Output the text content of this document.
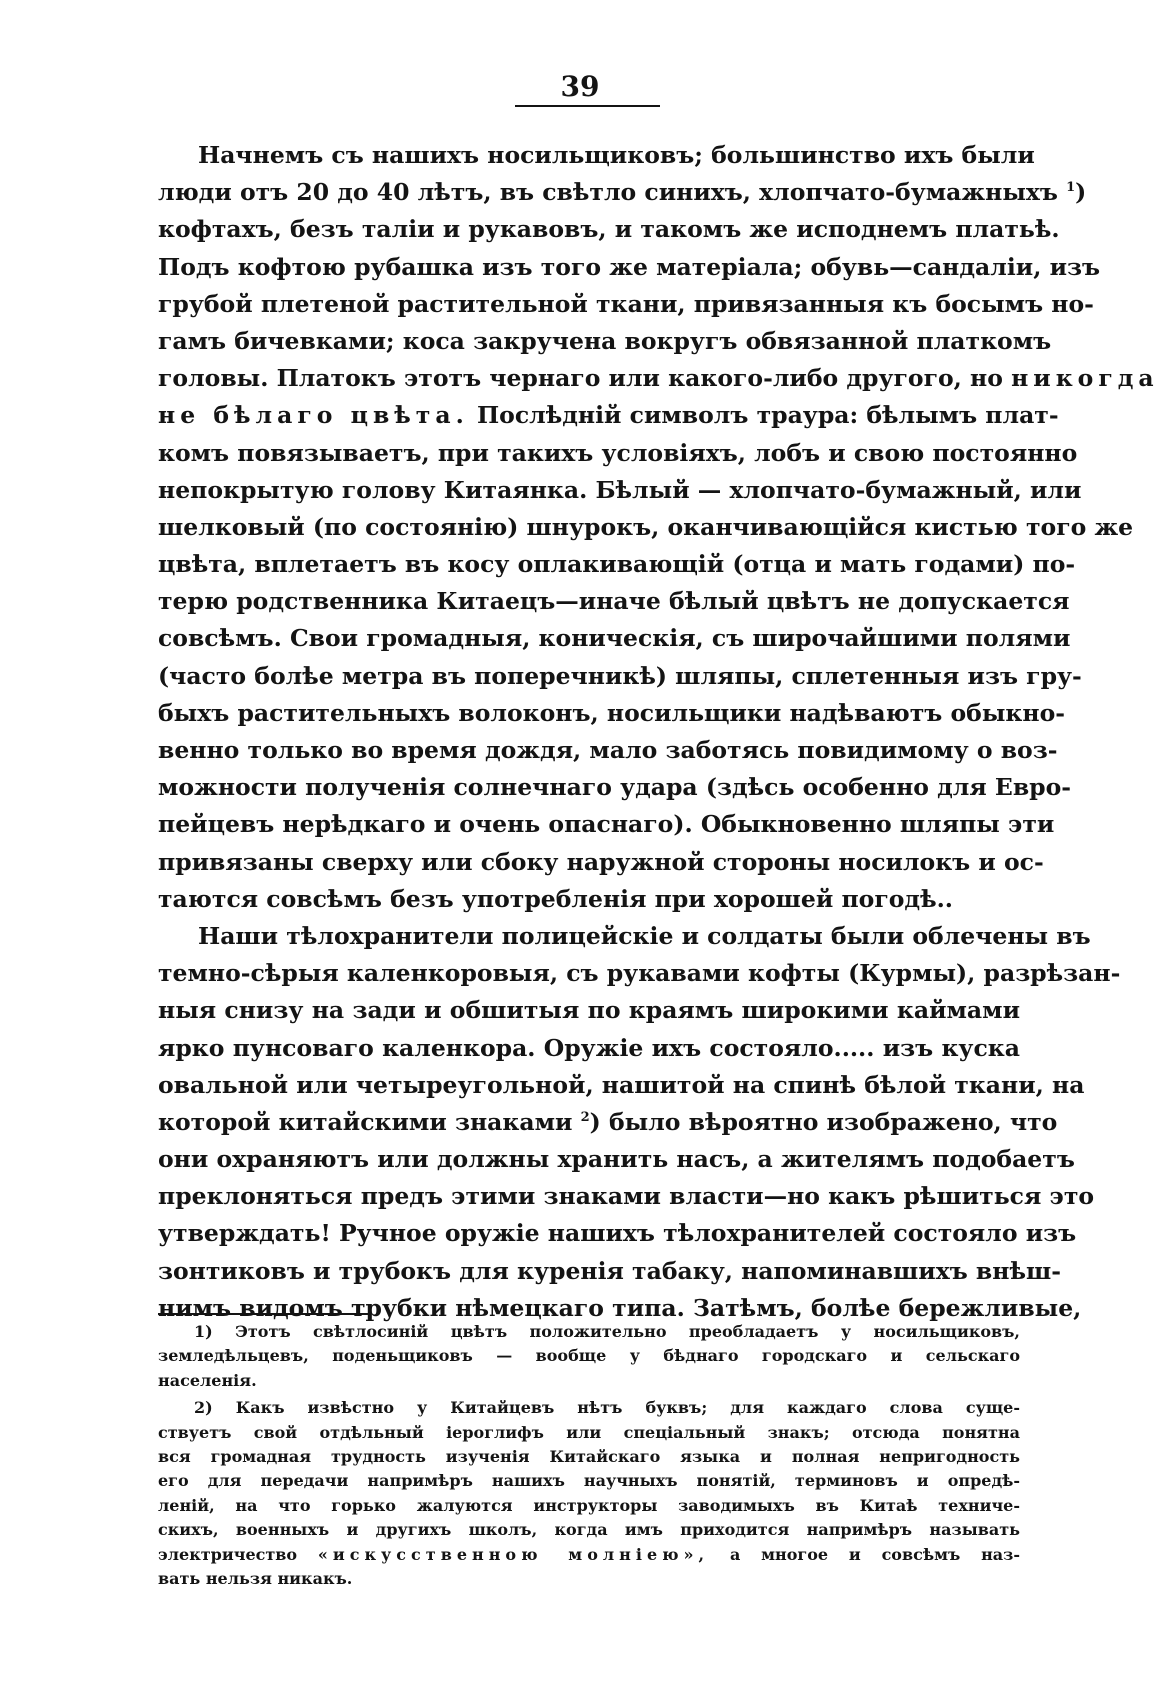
39
Начнемъ съ нашихъ носильщиковъ; большинство ихъ были
люди отъ 20 до 40 лѣтъ, въ свѣтло синихъ, хлопчато-бумажныхъ $^1$)
кофтахъ, безъ таліи и рукавовъ, и такомъ же исподнемъ платьѣ.
Подъ кофтою рубашка изъ того же матеріала; обувь—сандаліи, изъ
грубой плетеной растительной ткани, привязанныя къ босымъ но-
гамъ бичевками; коса закручена вокругъ обвязанной платкомъ
головы. Платокъ этотъ чернаго или какого-либо другого, но никогда
не бѣлаго цвѣта. Послѣдній символъ траура: бѣлымъ плат-
комъ повязываетъ, при такихъ условіяхъ, лобъ и свою постоянно
непокрытую голову Китаянка. Бѣлый — хлопчато-бумажный, или
шелковый (по состоянію) шнурокъ, оканчивающійся кистью того же
цвѣта, вплетаетъ въ косу оплакивающій (отца и мать годами) по-
терю родственника Китаецъ—иначе бѣлый цвѣтъ не допускается
совсѣмъ. Свои громадныя, коническія, съ широчайшими полями
(часто болѣе метра въ поперечникѣ) шляпы, сплетенныя изъ гру-
быхъ растительныхъ волоконъ, носильщики надѣваютъ обыкно-
венно только во время дождя, мало заботясь повидимому о воз-
можности полученія солнечнаго удара (здѣсь особенно для Евро-
пейцевъ нерѣдкаго и очень опаснаго). Обыкновенно шляпы эти
привязаны сверху или сбоку наружной стороны носилокъ и ос-
таются совсѣмъ безъ употребленія при хорошей погодѣ..
Наши тѣлохранители полицейскіе и солдаты были облечены въ
темно-сѣрыя каленкоровыя, съ рукавами кофты (Курмы), разрѣзан-
ныя снизу на зади и обшитыя по краямъ широкими каймами
ярко пунсоваго каленкора. Оружіе ихъ состояло..... изъ куска
овальной или четыреугольной, нашитой на спинѣ бѣлой ткани, на
которой китайскими знаками $^2$) было вѣроятно изображено, что
они охраняютъ или должны хранить насъ, а жителямъ подобаетъ
преклоняться предъ этими знаками власти—но какъ рѣшиться это
утверждать! Ручное оружіе нашихъ тѣлохранителей состояло изъ
зонтиковъ и трубокъ для куренія табаку, напоминавшихъ внѣш-
нимъ видомъ трубки нѣмецкаго типа. Затѣмъ, болѣе бережливые,
1) Этотъ свѣтлосиній цвѣтъ положительно преобладаетъ у носильщиковъ,
земледѣльцевъ, поденьщиковъ — вообще у бѣднаго городскаго и сельскаго
населенія.
2) Какъ извѣстно у Китайцевъ нѣтъ буквъ; для каждаго слова суще-
ствуетъ свой отдѣльный іероглифъ или спеціальный знакъ; отсюда понятна
вся громадная трудность изученія Китайскаго языка и полная непригодность
его для передачи напримѣръ нашихъ научныхъ понятій, терминовъ и опредѣ-
леній, на что горько жалуются инструкторы заводимыхъ въ Китаѣ техниче-
скихъ, военныхъ и другихъ школъ, когда имъ приходится напримѣръ называть
электричество «искусственною молніею», а многое и совсѣмъ наз-
вать нельзя никакъ.
